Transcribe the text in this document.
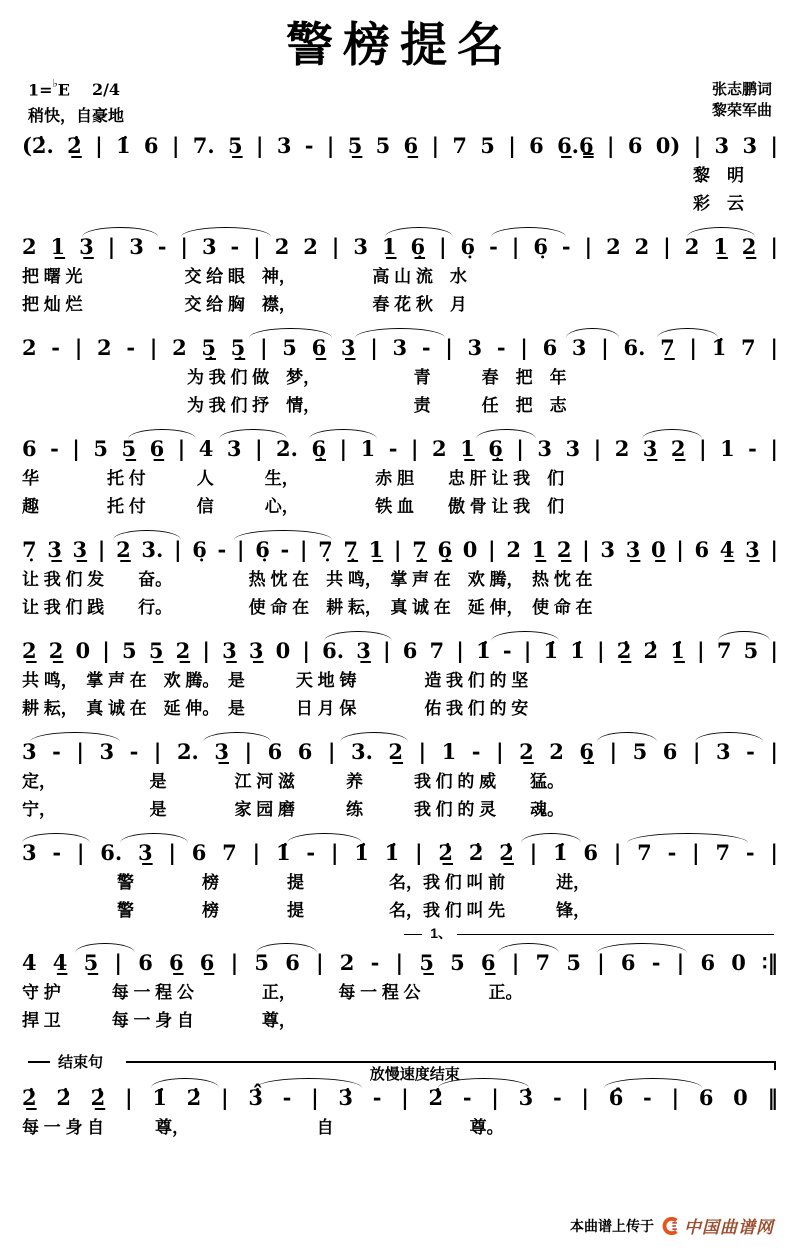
警榜提名
1=♭E 2/4
稍快，自豪地
张志鹏词
黎荣军曲
(2̇. 2̲̇ | 1̇ 6 | 7. 5̲ | 3 - | 5̲ 5 6̲ | 7 5 | 6 6̲.6̳ | 6 0) | 3 3 |
黎　明
彩　云
2 1̲ 3̲ | 3 - | 3 - | 2 2 | 3 1̲ 6̲̣ | 6̣ - | 6̣ - | 2 2 | 2 1̲ 2̲ |
把 曙 光　　　　　　交 给 眼　神，　　　　　高 山 流　水
把 灿 烂　　　　　　交 给 胸　襟，　　　　　春 花 秋　月
2 - | 2 - | 2 5̲̣ 5̲̣ | 5 6̲ 3̲ | 3 - | 3 - | 6 3 | 6. 7̲ | 1̇ 7 |
为 我 们 做　梦，　　　　　　青　　　春　把　年
为 我 们 抒　情，　　　　　　责　　　任　把　志
6 - | 5 5̲ 6̲ | 4 3 | 2. 6̲̣ | 1 - | 2 1̲ 6̲̣ | 3 3 | 2 3̲ 2̲ | 1 - |
华　　　　托 付　　　人　　　生，　　　　　赤 胆　　忠 肝 让 我　们
趣　　　　托 付　　　信　　　心，　　　　　铁 血　　傲 骨 让 我　们
7̣ 3̲ 3̲ | 2̲ 3. | 6̣ - | 6̣ - | 7̣ 7̲̣ 1̲ | 7̲̣ 6̲̣ 0 | 2 1̲ 2̲ | 3 3̲ 0̲ | 6 4̲ 3̲ |
让 我 们 发　　奋。　　　　　热 忱 在　共 鸣，　掌 声 在　欢 腾，　热 忱 在
让 我 们 践　　行。　　　　　使 命 在　耕 耘，　真 诚 在　延 伸，　使 命 在
2̲ 2̲ 0 | 5 5̲ 2̲ | 3̲ 3̲ 0 | 6. 3̲ | 6 7 | 1̇ - | 1̇ 1̇ | 2̲̇ 2̇ 1̲̇ | 7 5 |
共 鸣，　掌 声 在　欢 腾。　是　　　天 地 铸　　　　造 我 们 的 坚
耕 耘，　真 诚 在　延 伸。　是　　　日 月 保　　　　佑 我 们 的 安
3 - | 3 - | 2. 3̲ | 6 6 | 3. 2̲ | 1 - | 2̲ 2 6̲̣ | 5 6 | 3 - |
定，　　　　　　是　　　　江 河 滋　　　养　　　我 们 的 威　　猛。
宁，　　　　　　是　　　　家 园 磨　　　练　　　我 们 的 灵　　魂。
3 - | 6. 3̲ | 6 7 | 1̇ - | 1̇ 1̇ | 2̲̇ 2̇ 2̲̇ | 1̇ 6 | 7 - | 7 - |
警　　　　榜　　　　提　　　　　名，我 们 叫 前　　　进，
警　　　　榜　　　　提　　　　　名，我 们 叫 先　　　锋，
1、
4 4̲ 5̲ | 6 6̲ 6̲ | 5 6 | 2 - | 5̲ 5 6̲ | 7 5 | 6 - | 6 0 ∶‖
守 护　　　每 一 程 公　　　　正，　　　每 一 程 公　　　　正。
捍 卫　　　每 一 身 自　　　　尊，
结束句
放慢速度结束
2̲̇ 2̇ 2̲̇ | 1̇ 2̇ | 3̇̂ - | 3̇ - | 2̇ - | 3̇ - | 6̂ - | 6 0 ‖
每 一 身 自　　　尊，　　　　　　　　自　　　　　　　　尊。
本曲谱上传于 中国曲谱网
